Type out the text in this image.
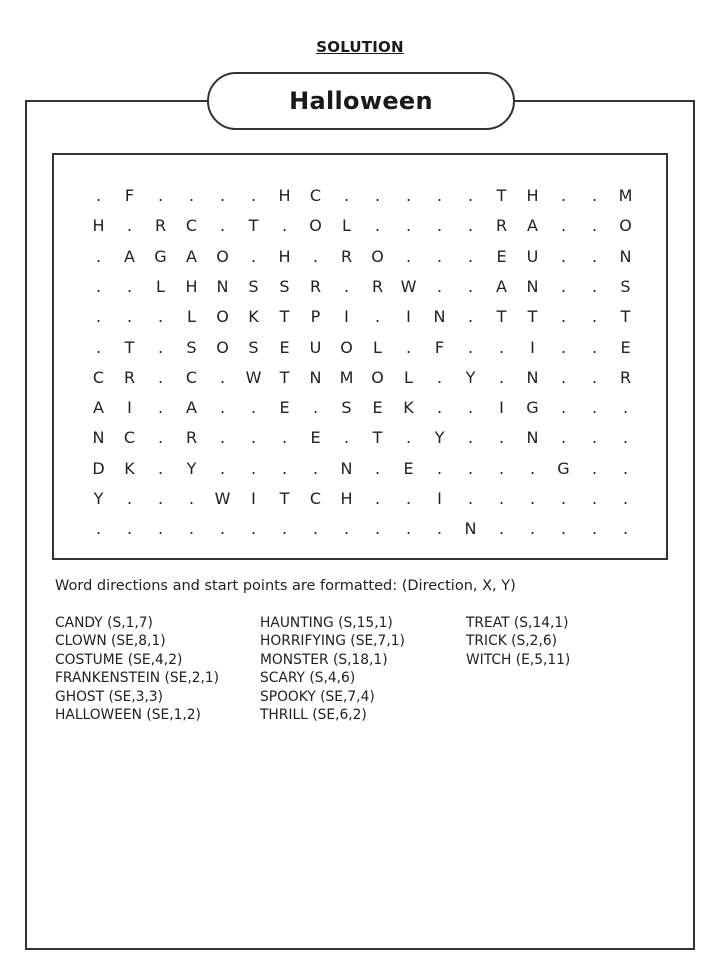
SOLUTION
Halloween
.	F	.	.	.	.	H	C	.	.	.	.	.	T	H	.	.	M
H	.	R	C	.	T	.	O	L	.	.	.	.	R	A	.	.	O
.	A	G	A	O	.	H	.	R	O	.	.	.	E	U	.	.	N
.	.	L	H	N	S	S	R	.	R	W	.	.	A	N	.	.	S
.	.	.	L	O	K	T	P	I	.	I	N	.	T	T	.	.	T
.	T	.	S	O	S	E	U	O	L	.	F	.	.	I	.	.	E
C	R	.	C	.	W	T	N	M	O	L	.	Y	.	N	.	.	R
A	I	.	A	.	.	E	.	S	E	K	.	.	I	G	.	.	.
N	C	.	R	.	.	.	E	.	T	.	Y	.	.	N	.	.	.
D	K	.	Y	.	.	.	.	N	.	E	.	.	.	.	G	.	.
Y	.	.	.	W	I	T	C	H	.	.	I	.	.	.	.	.	.
.	.	.	.	.	.	.	.	.	.	.	.	N	.	.	.	.	.
Word directions and start points are formatted: (Direction, X, Y)
CANDY (S,1,7)
CLOWN (SE,8,1)
COSTUME (SE,4,2)
FRANKENSTEIN (SE,2,1)
GHOST (SE,3,3)
HALLOWEEN (SE,1,2)
HAUNTING (S,15,1)
HORRIFYING (SE,7,1)
MONSTER (S,18,1)
SCARY (S,4,6)
SPOOKY (SE,7,4)
THRILL (SE,6,2)
TREAT (S,14,1)
TRICK (S,2,6)
WITCH (E,5,11)
